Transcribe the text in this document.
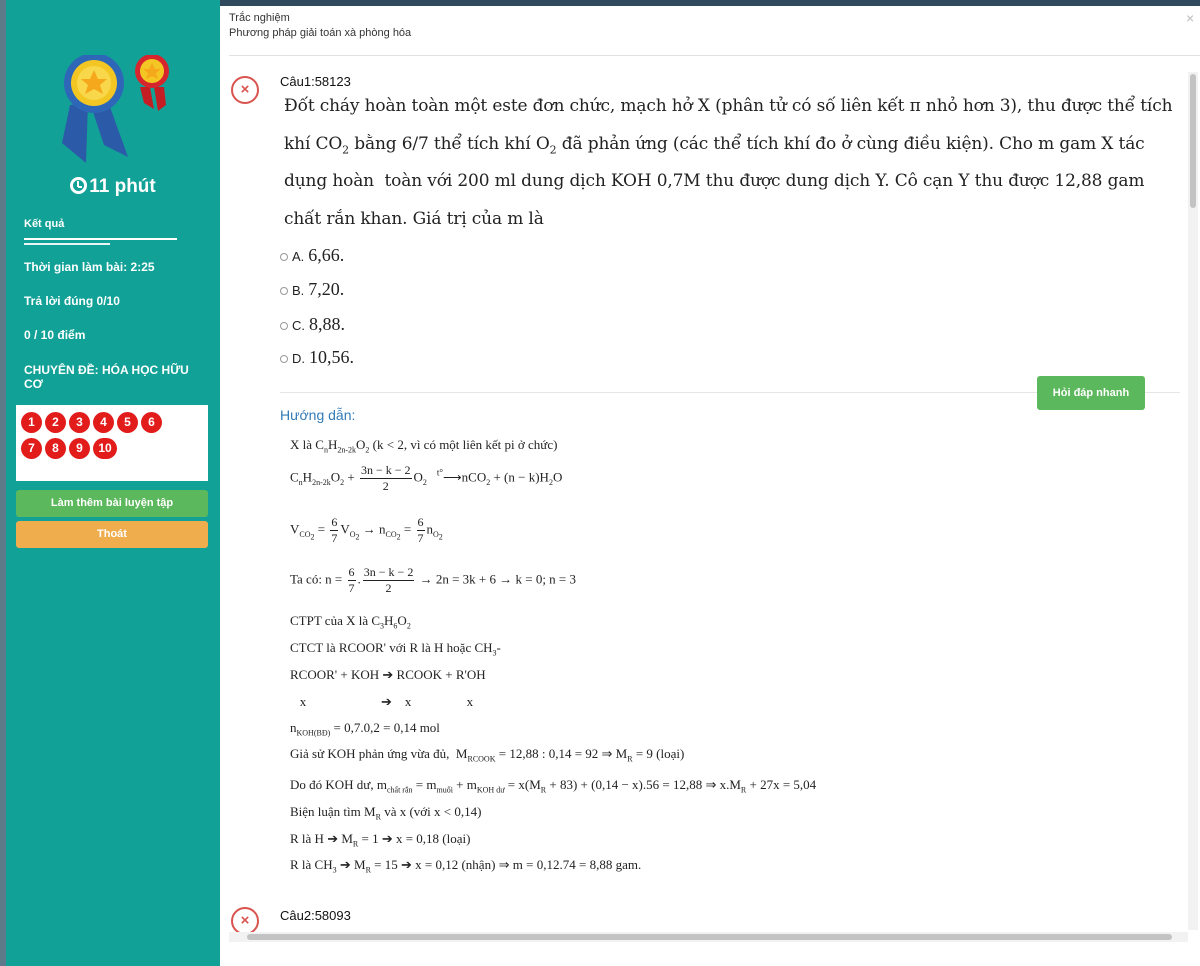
11 phút
Kết quả
Thời gian làm bài: 2:25
Trả lời đúng 0/10
0 / 10 điểm
CHUYÊN ĐỀ: HÓA HỌC HỮU CƠ
1 2 3 4 5 6
7 8 9 10
Làm thêm bài luyện tập
Thoát
Trắc nghiệm
Phương pháp giải toán xà phòng hóa
×
×	Câu1:58123
Đốt cháy hoàn toàn một este đơn chức, mạch hở X (phân tử có số liên kết π nhỏ hơn 3), thu được thể tích khí $CO_2$ bằng 6/7 thể tích khí $O_2$ đã phản ứng (các thể tích khí đo ở cùng điều kiện). Cho m gam X tác dụng hoàn  toàn với 200 ml dung dịch KOH 0,7M thu được dung dịch Y. Cô cạn Y thu được 12,88 gam chất rắn khan. Giá trị của m là
A. 6,66.
B. 7,20.
C. 8,88.
D. 10,56.
Hỏi đáp nhanh
Hướng dẫn:
X là $C_nH_{2n-2k}O_2$ (k < 2, vì có một liên kết pi ở chức)
$C_nH_{2n-2k}O_2 + \frac{3n - k - 2}{2} O_2$    $^{t^\circ}$⟶nCO$_2$ + $(n - k)H_2O$
$V_{CO_2} = \frac{6}{7} V_{O_2} \to n_{CO_2} = \frac{6}{7} n_{O_2}$
Ta có: $n = \frac{6}{7}$ . $\frac{3n - k - 2}{2} \to 2n = 3k + 6 \to k = 0$; n = 3
CTPT của X là $C_3H_6O_2$
CTCT là RCOOR' với R là H hoặc $CH_3-$
RCOOR' + KOH ➔ RCOOK + R'OH
x                       ➔    x                 x
$n_{KOH(BĐ)} = 0,7.0,2 = 0,14$ mol
Giả sử KOH phản ứng vừa đủ,  $M_{RCOOK} = 12,88$ : 0,14 = 92 ⇒ $M_R = 9$ (loại)
Do đó KOH dư, $m_{chất rắn} = m_{muối} + m_{KOH dư} = x(M_R + 83) + (0,14 - x).56 = 12,88$ ⇒ $x.M_R + 27x = 5,04$
Biện luận tìm $M_R$ và x (với x < 0,14)
R là H ➔ $M_R = 1$ ➔ x = 0,18 (loại)
R là $CH_3$ ➔ $M_R = 15$ ➔ x = 0,12 (nhận) ⇒ m = 0,12.74 = 8,88 gam.
×	Câu2:58093
